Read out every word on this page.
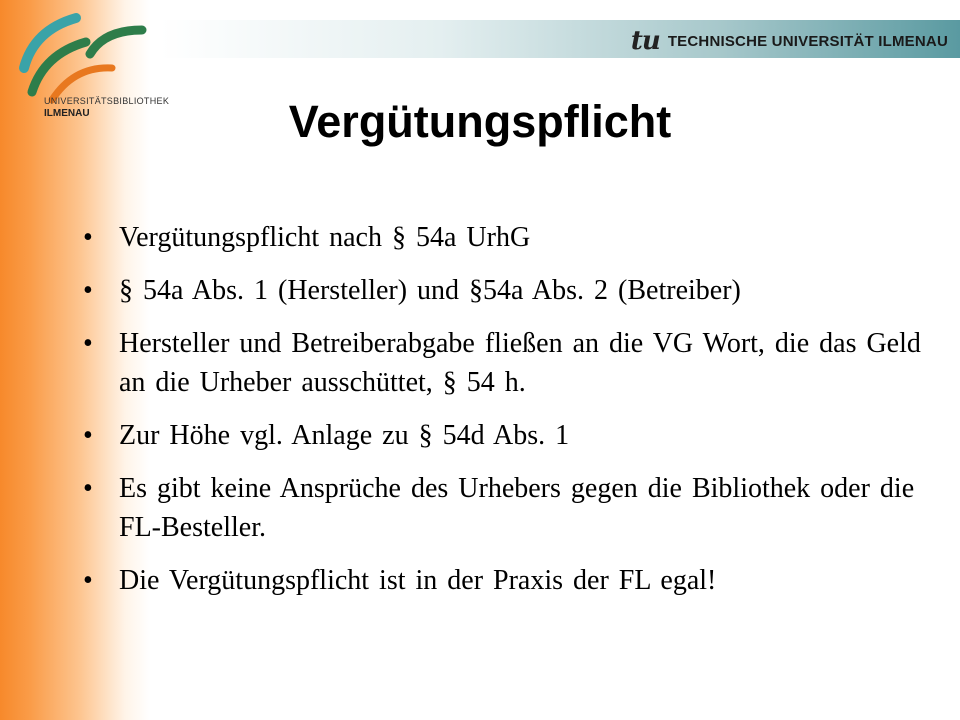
tu TECHNISCHE UNIVERSITÄT ILMENAU
UNIVERSITÄTSBIBLIOTHEK
ILMENAU	Vergütungspflicht
• Vergütungspflicht nach § 54a UrhG
• § 54a Abs. 1 (Hersteller) und §54a Abs. 2 (Betreiber)
• Hersteller und Betreiberabgabe fließen an die VG Wort, die das Geld an die Urheber ausschüttet, § 54 h.
• Zur Höhe vgl. Anlage zu § 54d Abs. 1
• Es gibt keine Ansprüche des Urhebers gegen die Bibliothek oder die FL-Besteller.
• Die Vergütungspflicht ist in der Praxis der FL egal!
